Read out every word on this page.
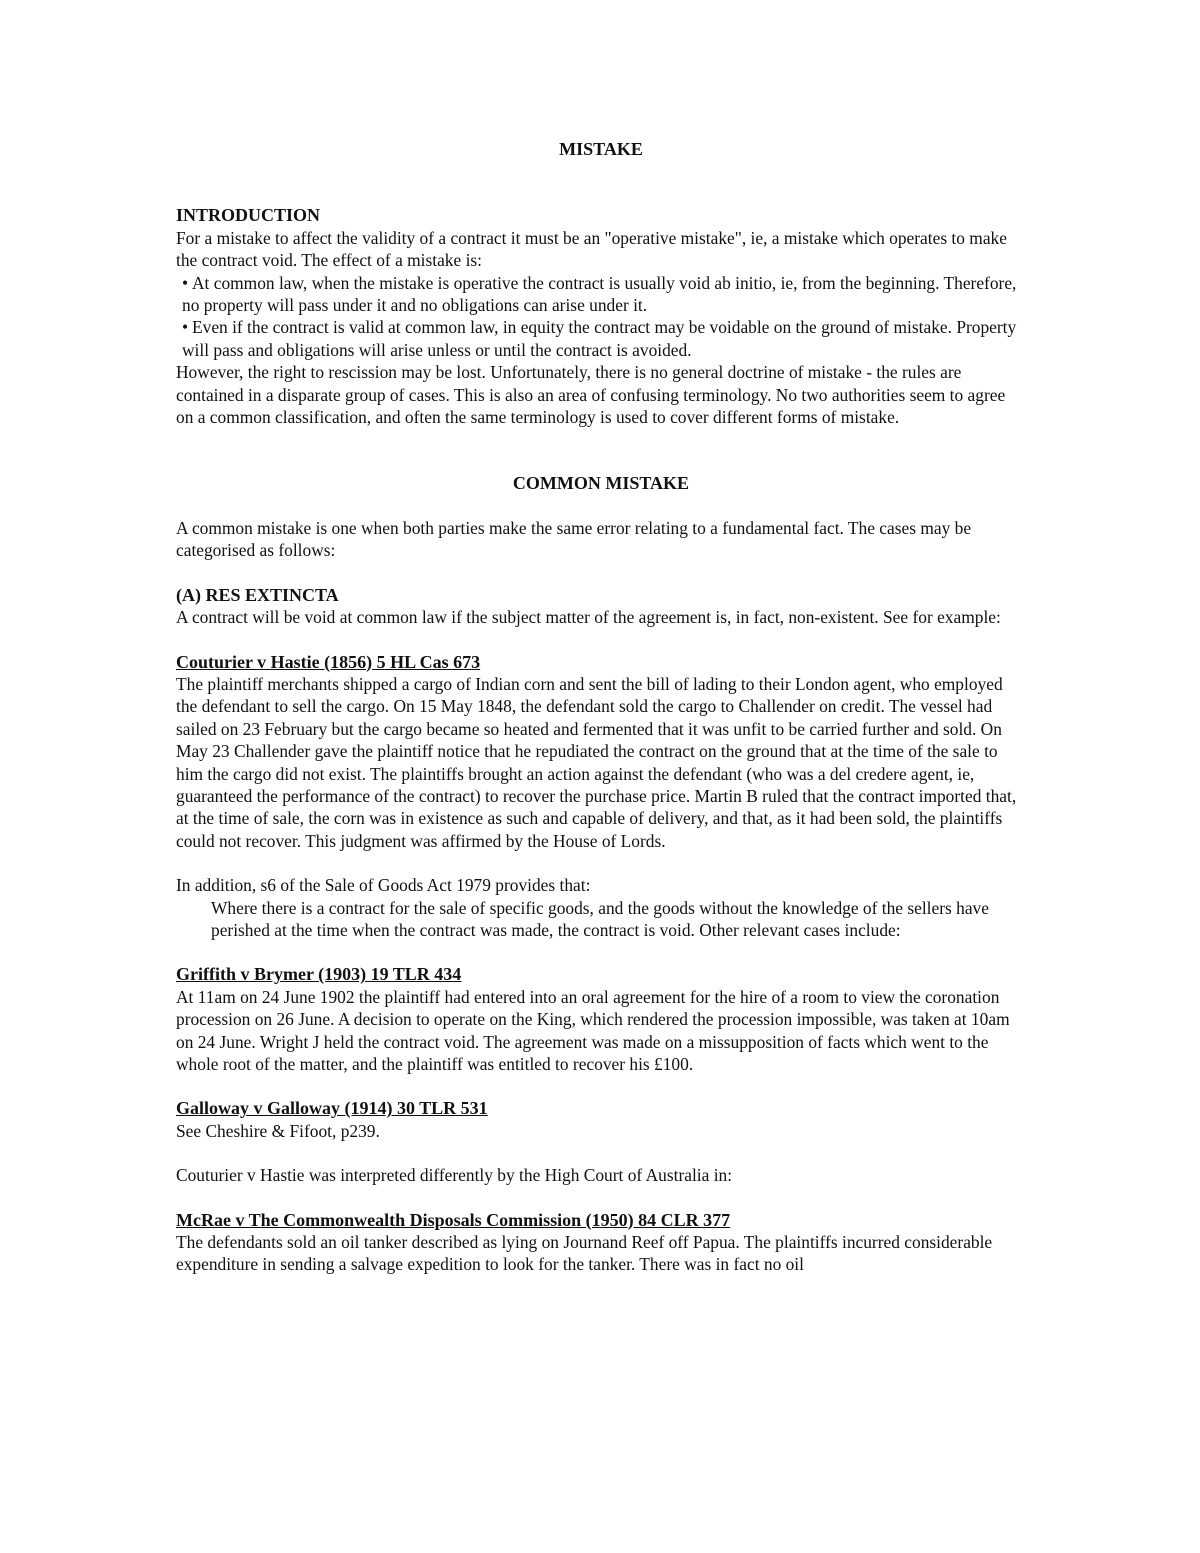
MISTAKE
INTRODUCTION

For a mistake to affect the validity of a contract it must be an "operative mistake", ie, a mistake which operates to make the contract void. The effect of a mistake is:

• At common law, when the mistake is operative the contract is usually void ab initio, ie, from the beginning. Therefore, no property will pass under it and no obligations can arise under it.
• Even if the contract is valid at common law, in equity the contract may be voidable on the ground of mistake. Property will pass and obligations will arise unless or until the contract is avoided.

However, the right to rescission may be lost. Unfortunately, there is no general doctrine of mistake - the rules are contained in a disparate group of cases. This is also an area of confusing terminology. No two authorities seem to agree on a common classification, and often the same terminology is used to cover different forms of mistake.

COMMON MISTAKE

A common mistake is one when both parties make the same error relating to a fundamental fact. The cases may be categorised as follows:

(A) RES EXTINCTA

A contract will be void at common law if the subject matter of the agreement is, in fact, non-existent. See for example:

Couturier v Hastie (1856) 5 HL Cas 673

The plaintiff merchants shipped a cargo of Indian corn and sent the bill of lading to their London agent, who employed the defendant to sell the cargo. On 15 May 1848, the defendant sold the cargo to Challender on credit. The vessel had sailed on 23 February but the cargo became so heated and fermented that it was unfit to be carried further and sold. On May 23 Challender gave the plaintiff notice that he repudiated the contract on the ground that at the time of the sale to him the cargo did not exist. The plaintiffs brought an action against the defendant (who was a del credere agent, ie, guaranteed the performance of the contract) to recover the purchase price. Martin B ruled that the contract imported that, at the time of sale, the corn was in existence as such and capable of delivery, and that, as it had been sold, the plaintiffs could not recover. This judgment was affirmed by the House of Lords.

In addition, s6 of the Sale of Goods Act 1979 provides that:

Where there is a contract for the sale of specific goods, and the goods without the knowledge of the sellers have perished at the time when the contract was made, the contract is void. Other relevant cases include:

Griffith v Brymer (1903) 19 TLR 434

At 11am on 24 June 1902 the plaintiff had entered into an oral agreement for the hire of a room to view the coronation procession on 26 June. A decision to operate on the King, which rendered the procession impossible, was taken at 10am on 24 June. Wright J held the contract void. The agreement was made on a missupposition of facts which went to the whole root of the matter, and the plaintiff was entitled to recover his £100.

Galloway v Galloway (1914) 30 TLR 531

See Cheshire & Fifoot, p239.

Couturier v Hastie was interpreted differently by the High Court of Australia in:

McRae v The Commonwealth Disposals Commission (1950) 84 CLR 377

The defendants sold an oil tanker described as lying on Journand Reef off Papua. The plaintiffs incurred considerable expenditure in sending a salvage expedition to look for the tanker. There was in fact no oil
